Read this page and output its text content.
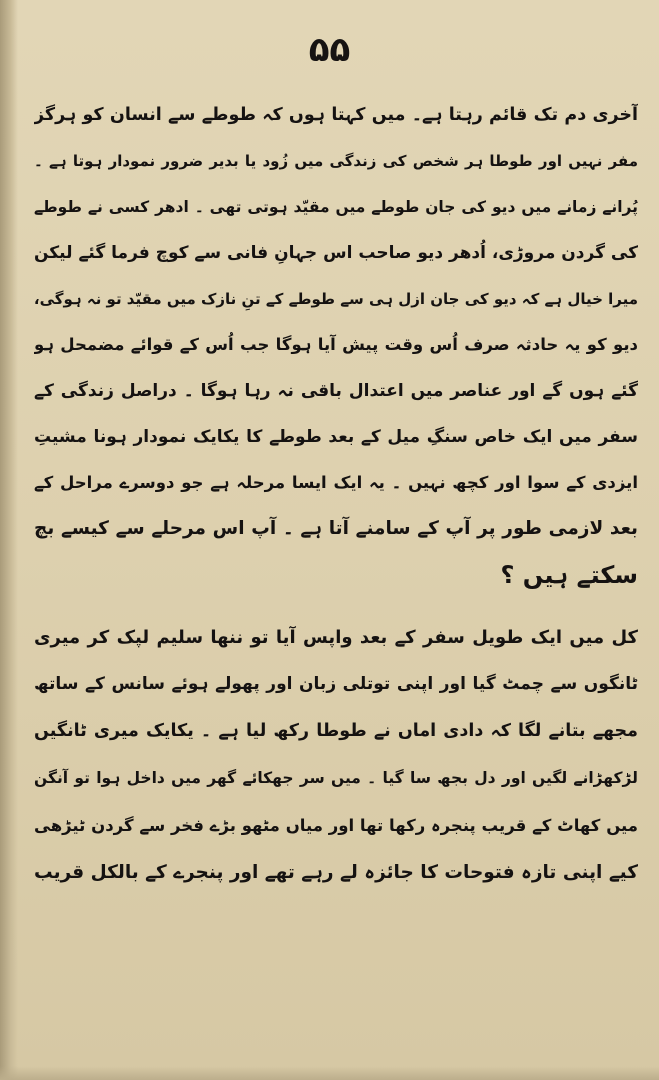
۵۵
آخری دم تک قائم رہتا ہے۔ میں کہتا ہوں کہ طوطے سے انسان کو ہرگز
مفر نہیں اور طوطا ہر شخص کی زندگی میں زُود یا بدیر ضرور نمودار ہوتا ہے ۔
پُرانے زمانے میں دیو کی جان طوطے میں مقیّد ہوتی تھی ۔ ادھر کسی نے طوطے
کی گردن مروڑی، اُدھر دیو صاحب اس جہانِ فانی سے کوچ فرما گئے لیکن
میرا خیال ہے کہ دیو کی جان ازل ہی سے طوطے کے تنِ نازک میں مقیّد تو نہ ہوگی،
دیو کو یہ حادثہ صرف اُس وقت پیش آیا ہوگا جب اُس کے قوائے مضمحل ہو
گئے ہوں گے اور عناصر میں اعتدال باقی نہ رہا ہوگا ۔ دراصل زندگی کے
سفر میں ایک خاص سنگِ میل کے بعد طوطے کا یکایک نمودار ہونا مشیتِ
ایزدی کے سوا اور کچھ نہیں ۔ یہ ایک ایسا مرحلہ ہے جو دوسرے مراحل کے
بعد لازمی طور پر آپ کے سامنے آتا ہے ۔ آپ اس مرحلے سے کیسے بچ
سکتے ہیں ؟
کل میں ایک طویل سفر کے بعد واپس آیا تو ننھا سلیم لپک کر میری
ٹانگوں سے چمٹ گیا اور اپنی توتلی زبان اور پھولے ہوئے سانس کے ساتھ
مجھے بتانے لگا کہ دادی اماں نے طوطا رکھ لیا ہے ۔ یکایک میری ٹانگیں
لڑکھڑانے لگیں اور دل بجھ سا گیا ۔ میں سر جھکائے گھر میں داخل ہوا تو آنگن
میں کھاٹ کے قریب پنجرہ رکھا تھا اور میاں مٹھو بڑے فخر سے گردن ٹیڑھی
کیے اپنی تازہ فتوحات کا جائزہ لے رہے تھے اور پنجرے کے بالکل قریب
